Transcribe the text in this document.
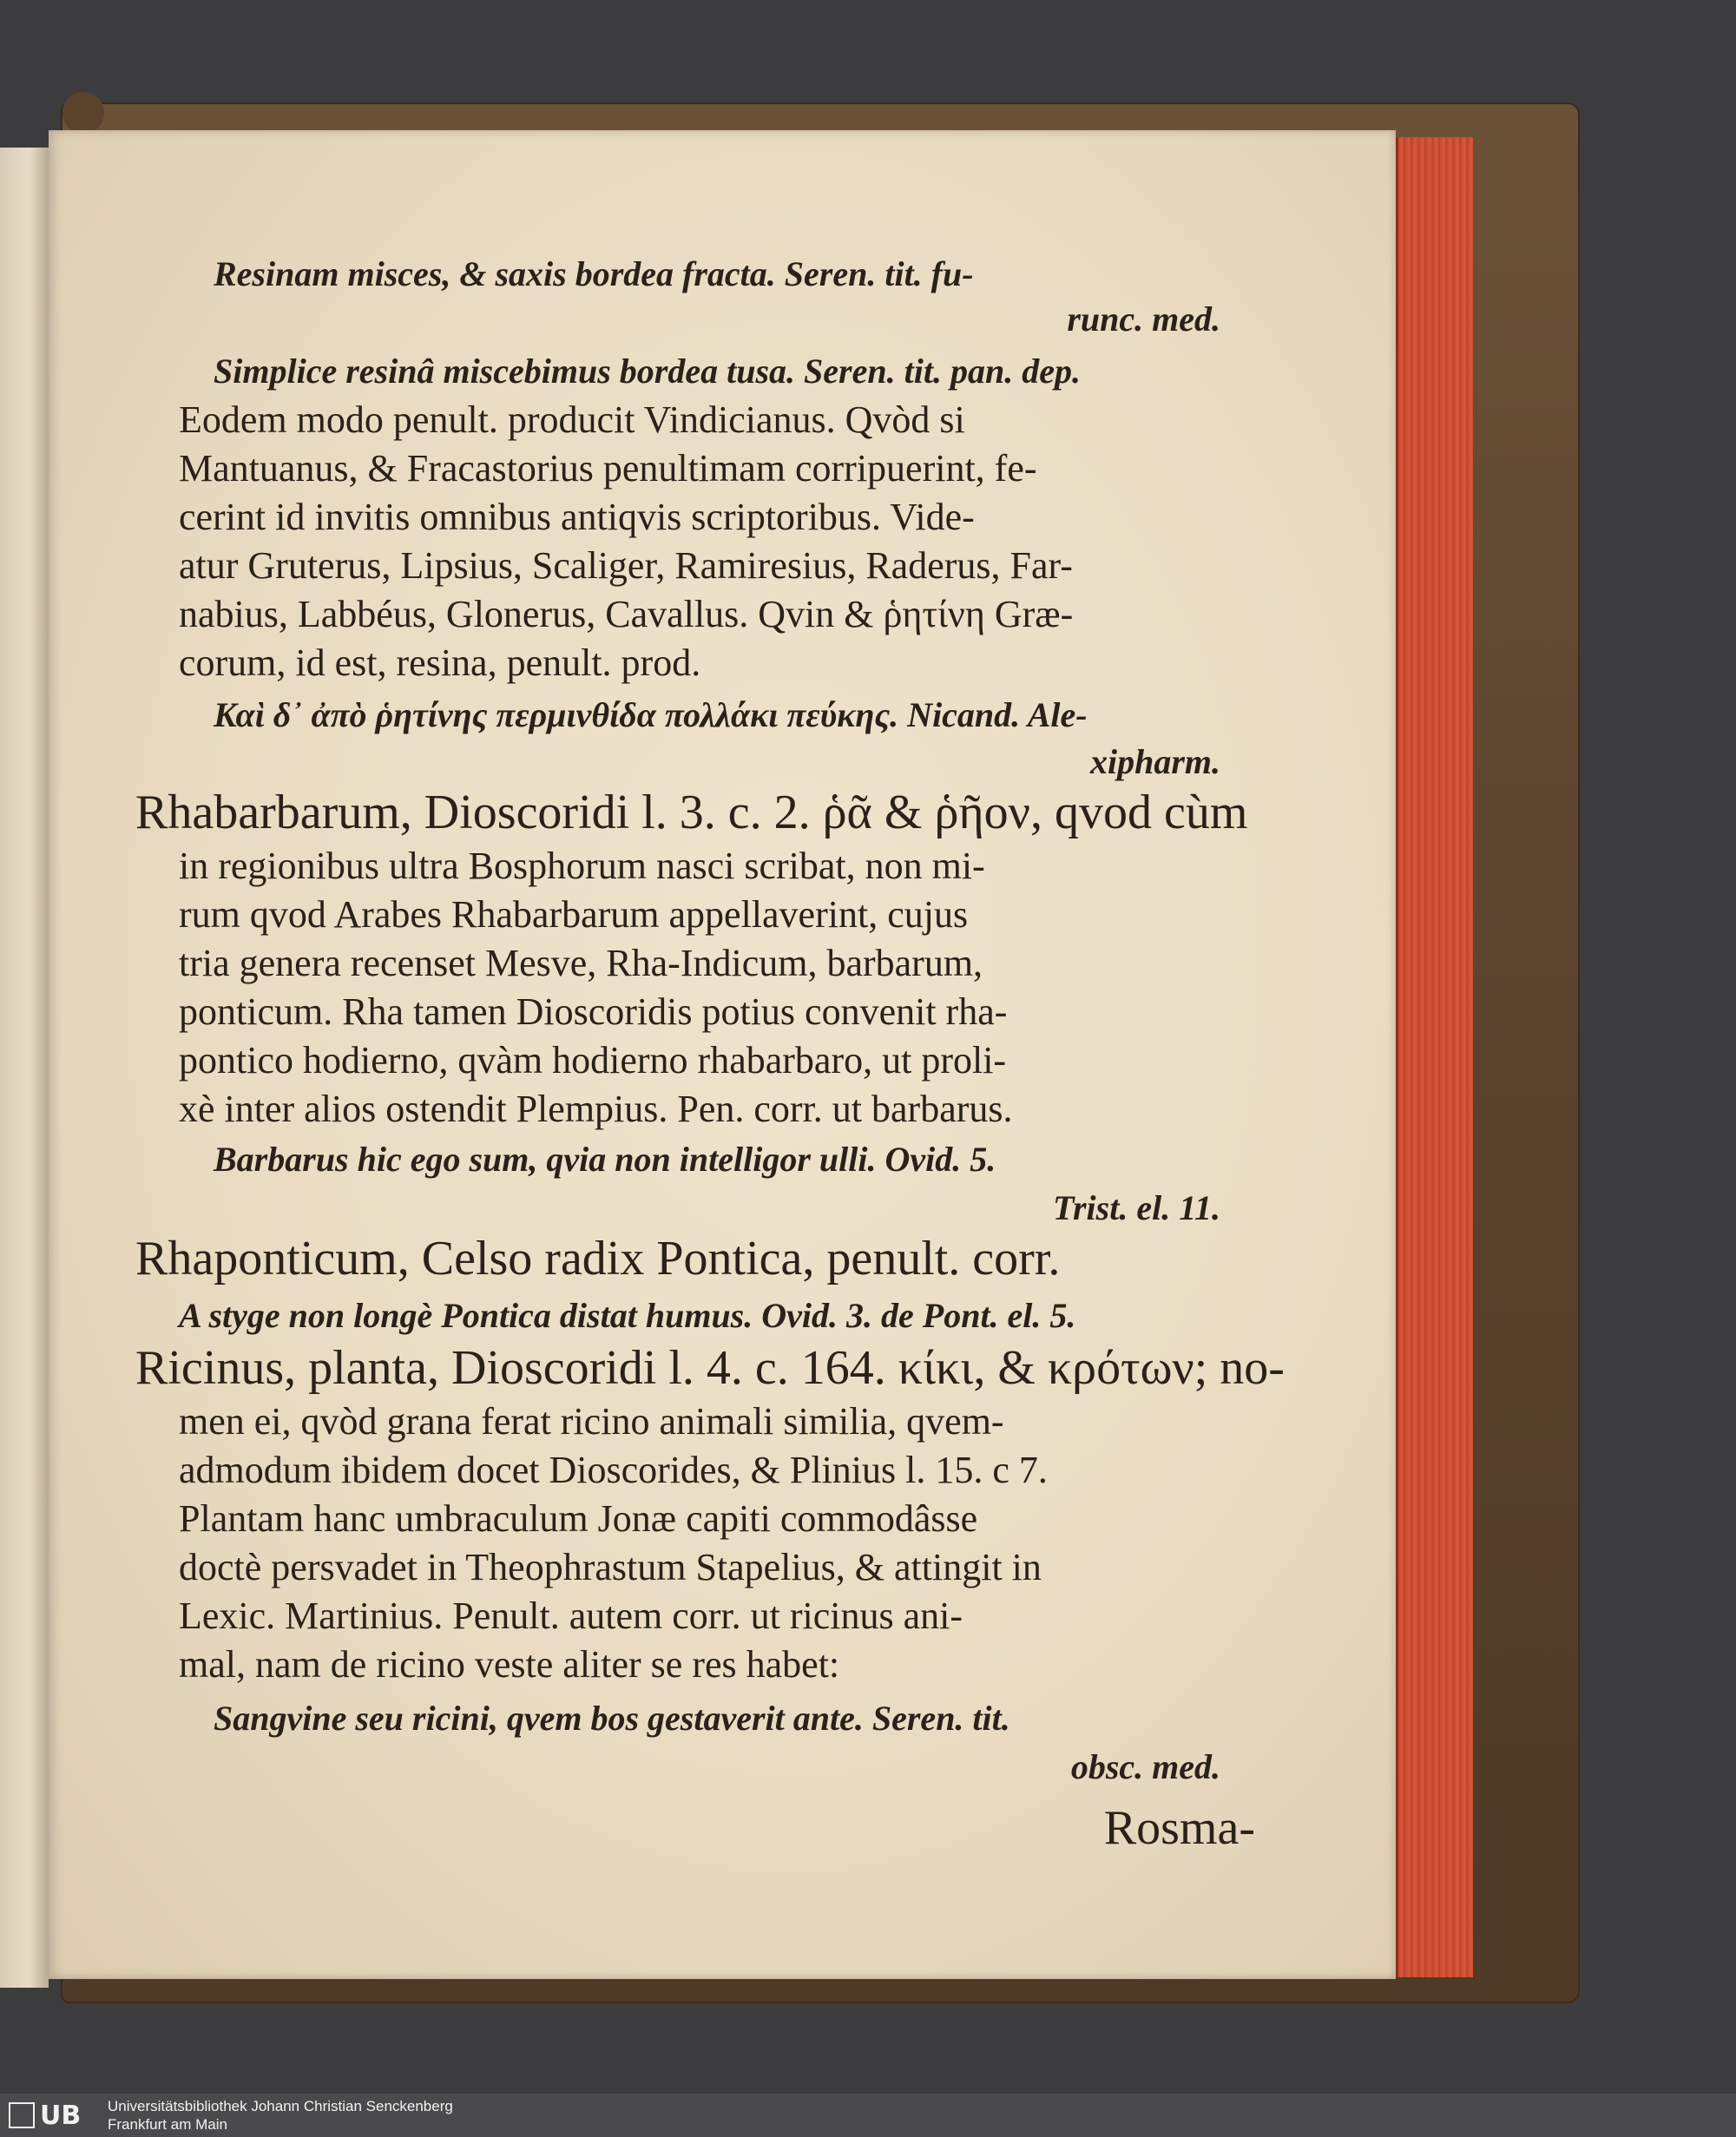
Resinam misces, & saxis bordea fracta. Seren. tit. fu-
runc. med.
Simplice resinâ miscebimus bordea tusa. Seren. tit. pan. dep.
Eodem modo penult. producit Vindicianus. Qvòd si
Mantuanus, & Fracastorius penultimam corripuerint, fe-
cerint id invitis omnibus antiqvis scriptoribus. Vide-
atur Gruterus, Lipsius, Scaliger, Ramiresius, Raderus, Far-
nabius, Labbéus, Glonerus, Cavallus. Qvin & ῥητίνη Græ-
corum, id est, resina, penult. prod.
Καὶ δ᾽ ἀπὸ ῥητίνης περμινθίδα πολλάκι πεύκης. Nicand. Ale-
xipharm.
Rhabarbarum, Dioscoridi l. 3. c. 2. ῥᾶ & ῥῆον, qvod cùm
in regionibus ultra Bosphorum nasci scribat, non mi-
rum qvod Arabes Rhabarbarum appellaverint, cujus
tria genera recenset Mesve, Rha-Indicum, barbarum,
ponticum. Rha tamen Dioscoridis potius convenit rha-
pontico hodierno, qvàm hodierno rhabarbaro, ut proli-
xè inter alios ostendit Plempius. Pen. corr. ut barbarus.
Barbarus hic ego sum, qvia non intelligor ulli. Ovid. 5.
Trist. el. 11.
Rhaponticum, Celso radix Pontica, penult. corr.
A styge non longè Pontica distat humus. Ovid. 3. de Pont. el. 5.
Ricinus, planta, Dioscoridi l. 4. c. 164. κίκι, & κρότων; no-
men ei, qvòd grana ferat ricino animali similia, qvem-
admodum ibidem docet Dioscorides, & Plinius l. 15. c 7.
Plantam hanc umbraculum Jonæ capiti commodâsse
doctè persvadet in Theophrastum Stapelius, & attingit in
Lexic. Martinius. Penult. autem corr. ut ricinus ani-
mal, nam de ricino veste aliter se res habet:
Sangvine seu ricini, qvem bos gestaverit ante. Seren. tit.
obsc. med.
Rosma-
UB Universitätsbibliothek Johann Christian Senckenberg
Frankfurt am Main
